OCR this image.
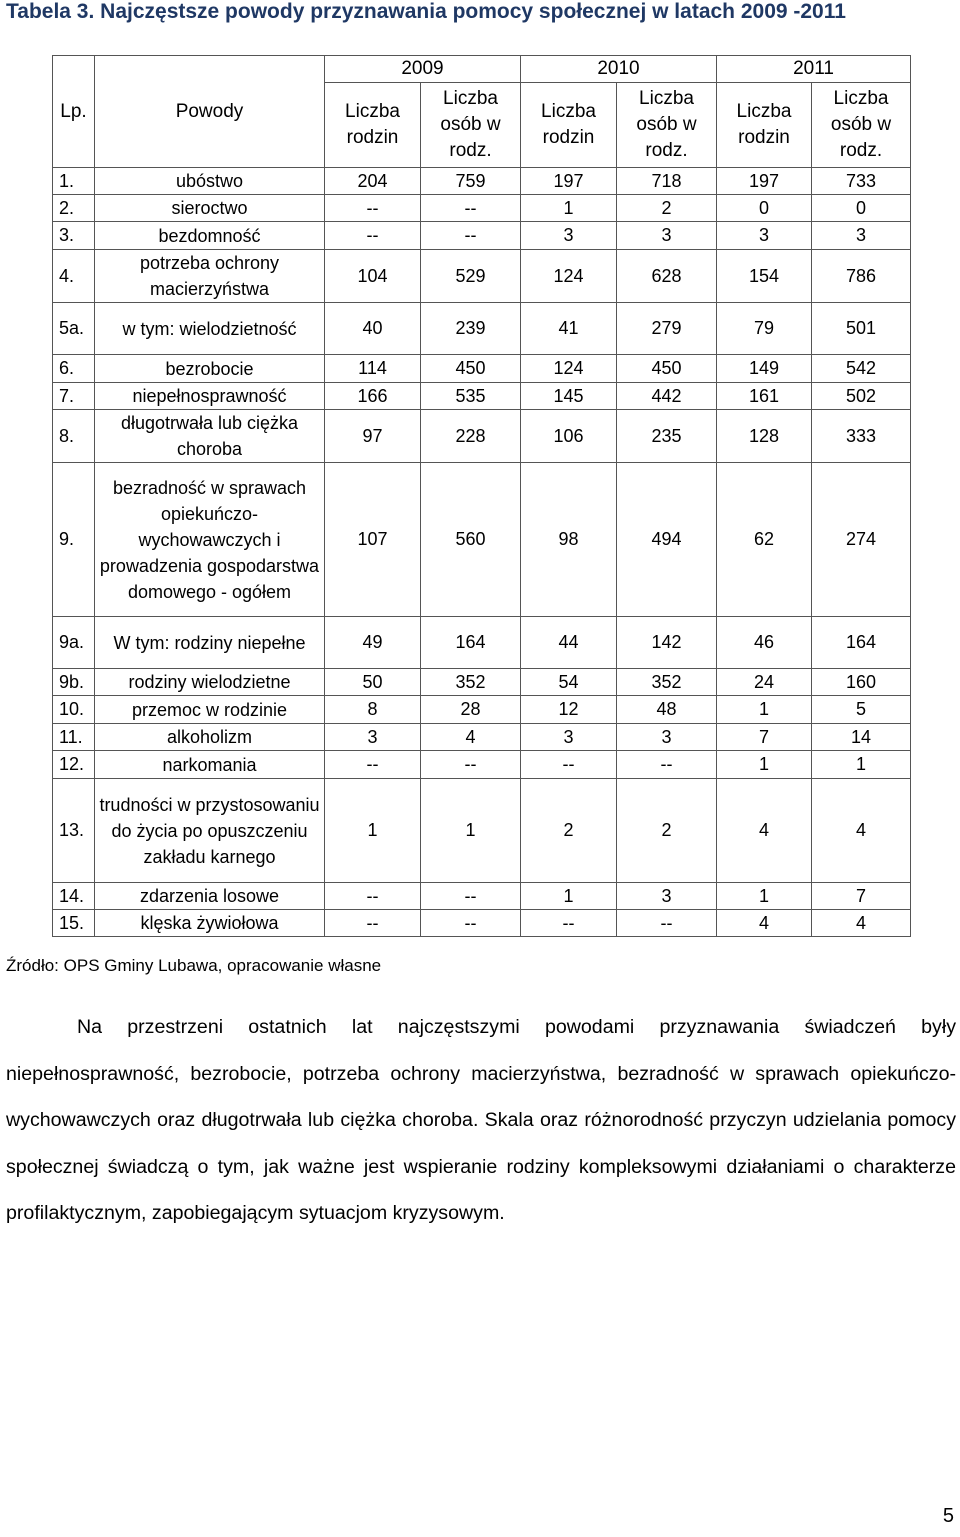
Tabela 3. Najczęstsze powody przyznawania pomocy społecznej w latach 2009 -2011
Lp.	Powody	2009		2010		2011	
		Liczba rodzin	Liczba osób w rodz.	Liczba rodzin	Liczba osób w rodz.	Liczba rodzin	Liczba osób w rodz.
1.	ubóstwo	204	759	197	718	197	733
2.	sieroctwo	--	--	1	2	0	0
3.	bezdomność	--	--	3	3	3	3
4.	potrzeba ochrony macierzyństwa	104	529	124	628	154	786
5a.	w tym: wielodzietność	40	239	41	279	79	501
6.	bezrobocie	114	450	124	450	149	542
7.	niepełnosprawność	166	535	145	442	161	502
8.	długotrwała lub ciężka choroba	97	228	106	235	128	333
9.	bezradność w sprawach opiekuńczo-wychowawczych i prowadzenia gospodarstwa domowego - ogółem	107	560	98	494	62	274
9a.	W tym: rodziny niepełne	49	164	44	142	46	164
9b.	rodziny wielodzietne	50	352	54	352	24	160
10.	przemoc w rodzinie	8	28	12	48	1	5
11.	alkoholizm	3	4	3	3	7	14
12.	narkomania	--	--	--	--	1	1
13.	trudności w przystosowaniu do życia po opuszczeniu zakładu karnego	1	1	2	2	4	4
14.	zdarzenia losowe	--	--	1	3	1	7
15.	klęska żywiołowa	--	--	--	--	4	4
Źródło: OPS Gminy Lubawa, opracowanie własne
Na przestrzeni ostatnich lat najczęstszymi powodami przyznawania świadczeń były niepełnosprawność, bezrobocie, potrzeba ochrony macierzyństwa, bezradność w sprawach opiekuńczo-wychowawczych oraz długotrwała lub ciężka choroba. Skala oraz różnorodność przyczyn udzielania pomocy społecznej świadczą o tym, jak ważne jest wspieranie rodziny kompleksowymi działaniami o charakterze profilaktycznym, zapobiegającym sytuacjom kryzysowym.
5
